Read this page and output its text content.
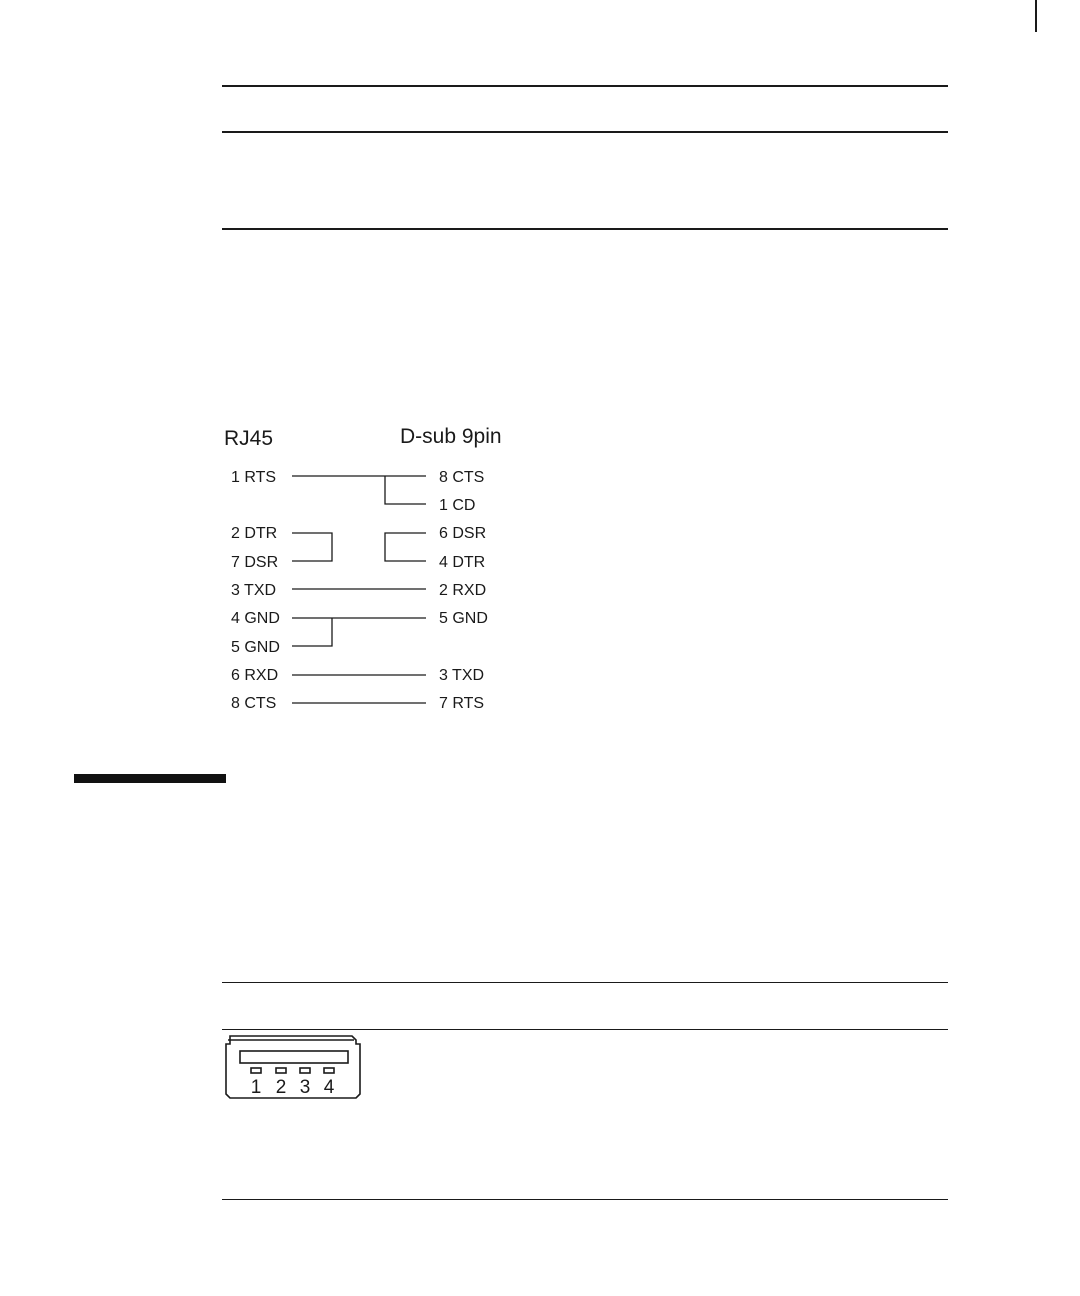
RJ45	D-sub 9pin
1 RTS
2 DTR
7 DSR
3 TXD
4 GND
5 GND
6 RXD
8 CTS
8 CTS
1 CD
6 DSR
4 DTR
2 RXD
5 GND
3 TXD
7 RTS
1 2 3 4
